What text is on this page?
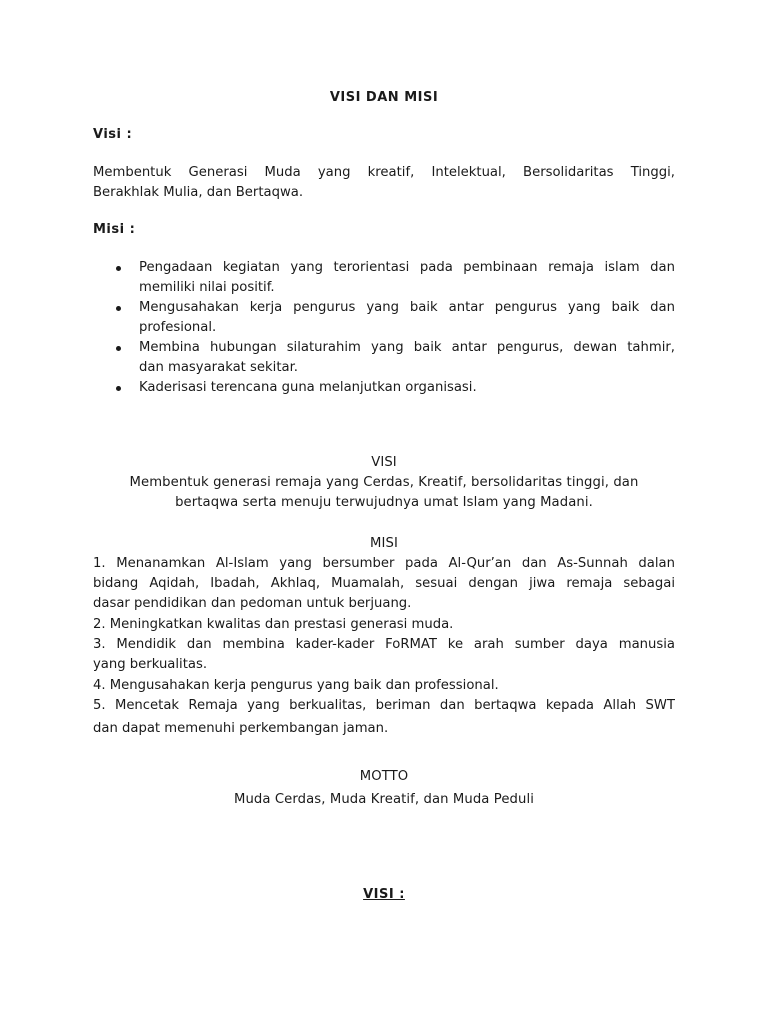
VISI DAN MISI
Visi :
Membentuk Generasi Muda yang kreatif, Intelektual, Bersolidaritas Tinggi,
Berakhlak Mulia, dan Bertaqwa.
Misi :
Pengadaan kegiatan yang terorientasi pada pembinaan remaja islam dan
memiliki nilai positif.
Mengusahakan kerja pengurus yang baik antar pengurus yang baik dan
profesional.
Membina hubungan silaturahim yang baik antar pengurus, dewan tahmir,
dan masyarakat sekitar.
Kaderisasi terencana guna melanjutkan organisasi.
VISI
Membentuk generasi remaja yang Cerdas, Kreatif, bersolidaritas tinggi, dan
bertaqwa serta menuju terwujudnya umat Islam yang Madani.
MISI
1. Menanamkan Al-Islam yang bersumber pada Al-Qur’an dan As-Sunnah dalan
bidang Aqidah, Ibadah, Akhlaq, Muamalah, sesuai dengan jiwa remaja sebagai
dasar pendidikan dan pedoman untuk berjuang.
2. Meningkatkan kwalitas dan prestasi generasi muda.
3. Mendidik dan membina kader-kader FoRMAT ke arah sumber daya manusia
yang berkualitas.
4. Mengusahakan kerja pengurus yang baik dan professional.
5. Mencetak Remaja yang berkualitas, beriman dan bertaqwa kepada Allah SWT
dan dapat memenuhi perkembangan jaman.
MOTTO
Muda Cerdas, Muda Kreatif, dan Muda Peduli
VISI :
